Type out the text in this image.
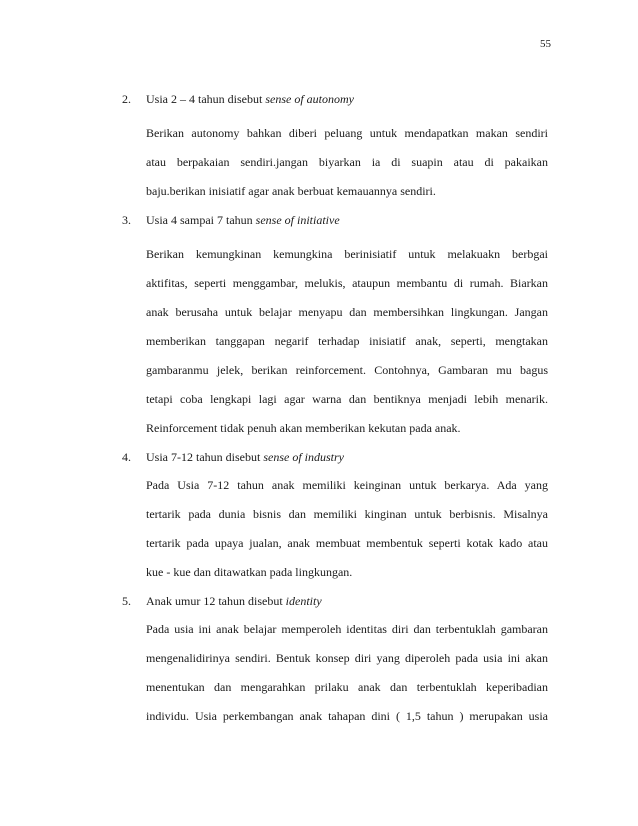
55
2.	Usia 2 – 4 tahun disebut sense of autonomy
Berikan autonomy bahkan diberi peluang untuk mendapatkan makan sendiri
atau berpakaian sendiri.jangan biyarkan ia di suapin atau di pakaikan
baju.berikan inisiatif agar anak berbuat kemauannya sendiri.
3.	Usia 4 sampai 7 tahun sense of initiative
Berikan kemungkinan kemungkina berinisiatif untuk melakuakn berbgai
aktifitas, seperti menggambar, melukis, ataupun membantu di rumah. Biarkan
anak berusaha untuk belajar menyapu dan membersihkan lingkungan. Jangan
memberikan tanggapan negarif terhadap inisiatif anak, seperti, mengtakan
gambaranmu jelek, berikan reinforcement. Contohnya, Gambaran mu bagus
tetapi coba lengkapi lagi agar warna dan bentiknya menjadi lebih menarik.
Reinforcement tidak penuh akan memberikan kekutan pada anak.
4.	Usia 7-12 tahun disebut sense of industry
Pada Usia 7-12 tahun anak memiliki keinginan untuk berkarya. Ada yang
tertarik pada dunia bisnis dan memiliki kinginan untuk berbisnis. Misalnya
tertarik pada upaya jualan, anak membuat membentuk seperti kotak kado atau
kue - kue dan ditawatkan pada lingkungan.
5.	Anak umur 12 tahun disebut identity
Pada usia ini anak belajar memperoleh identitas diri dan terbentuklah gambaran
mengenalidirinya sendiri. Bentuk konsep diri yang diperoleh pada usia ini akan
menentukan dan mengarahkan prilaku anak dan terbentuklah keperibadian
individu. Usia perkembangan anak tahapan dini ( 1,5 tahun ) merupakan usia
